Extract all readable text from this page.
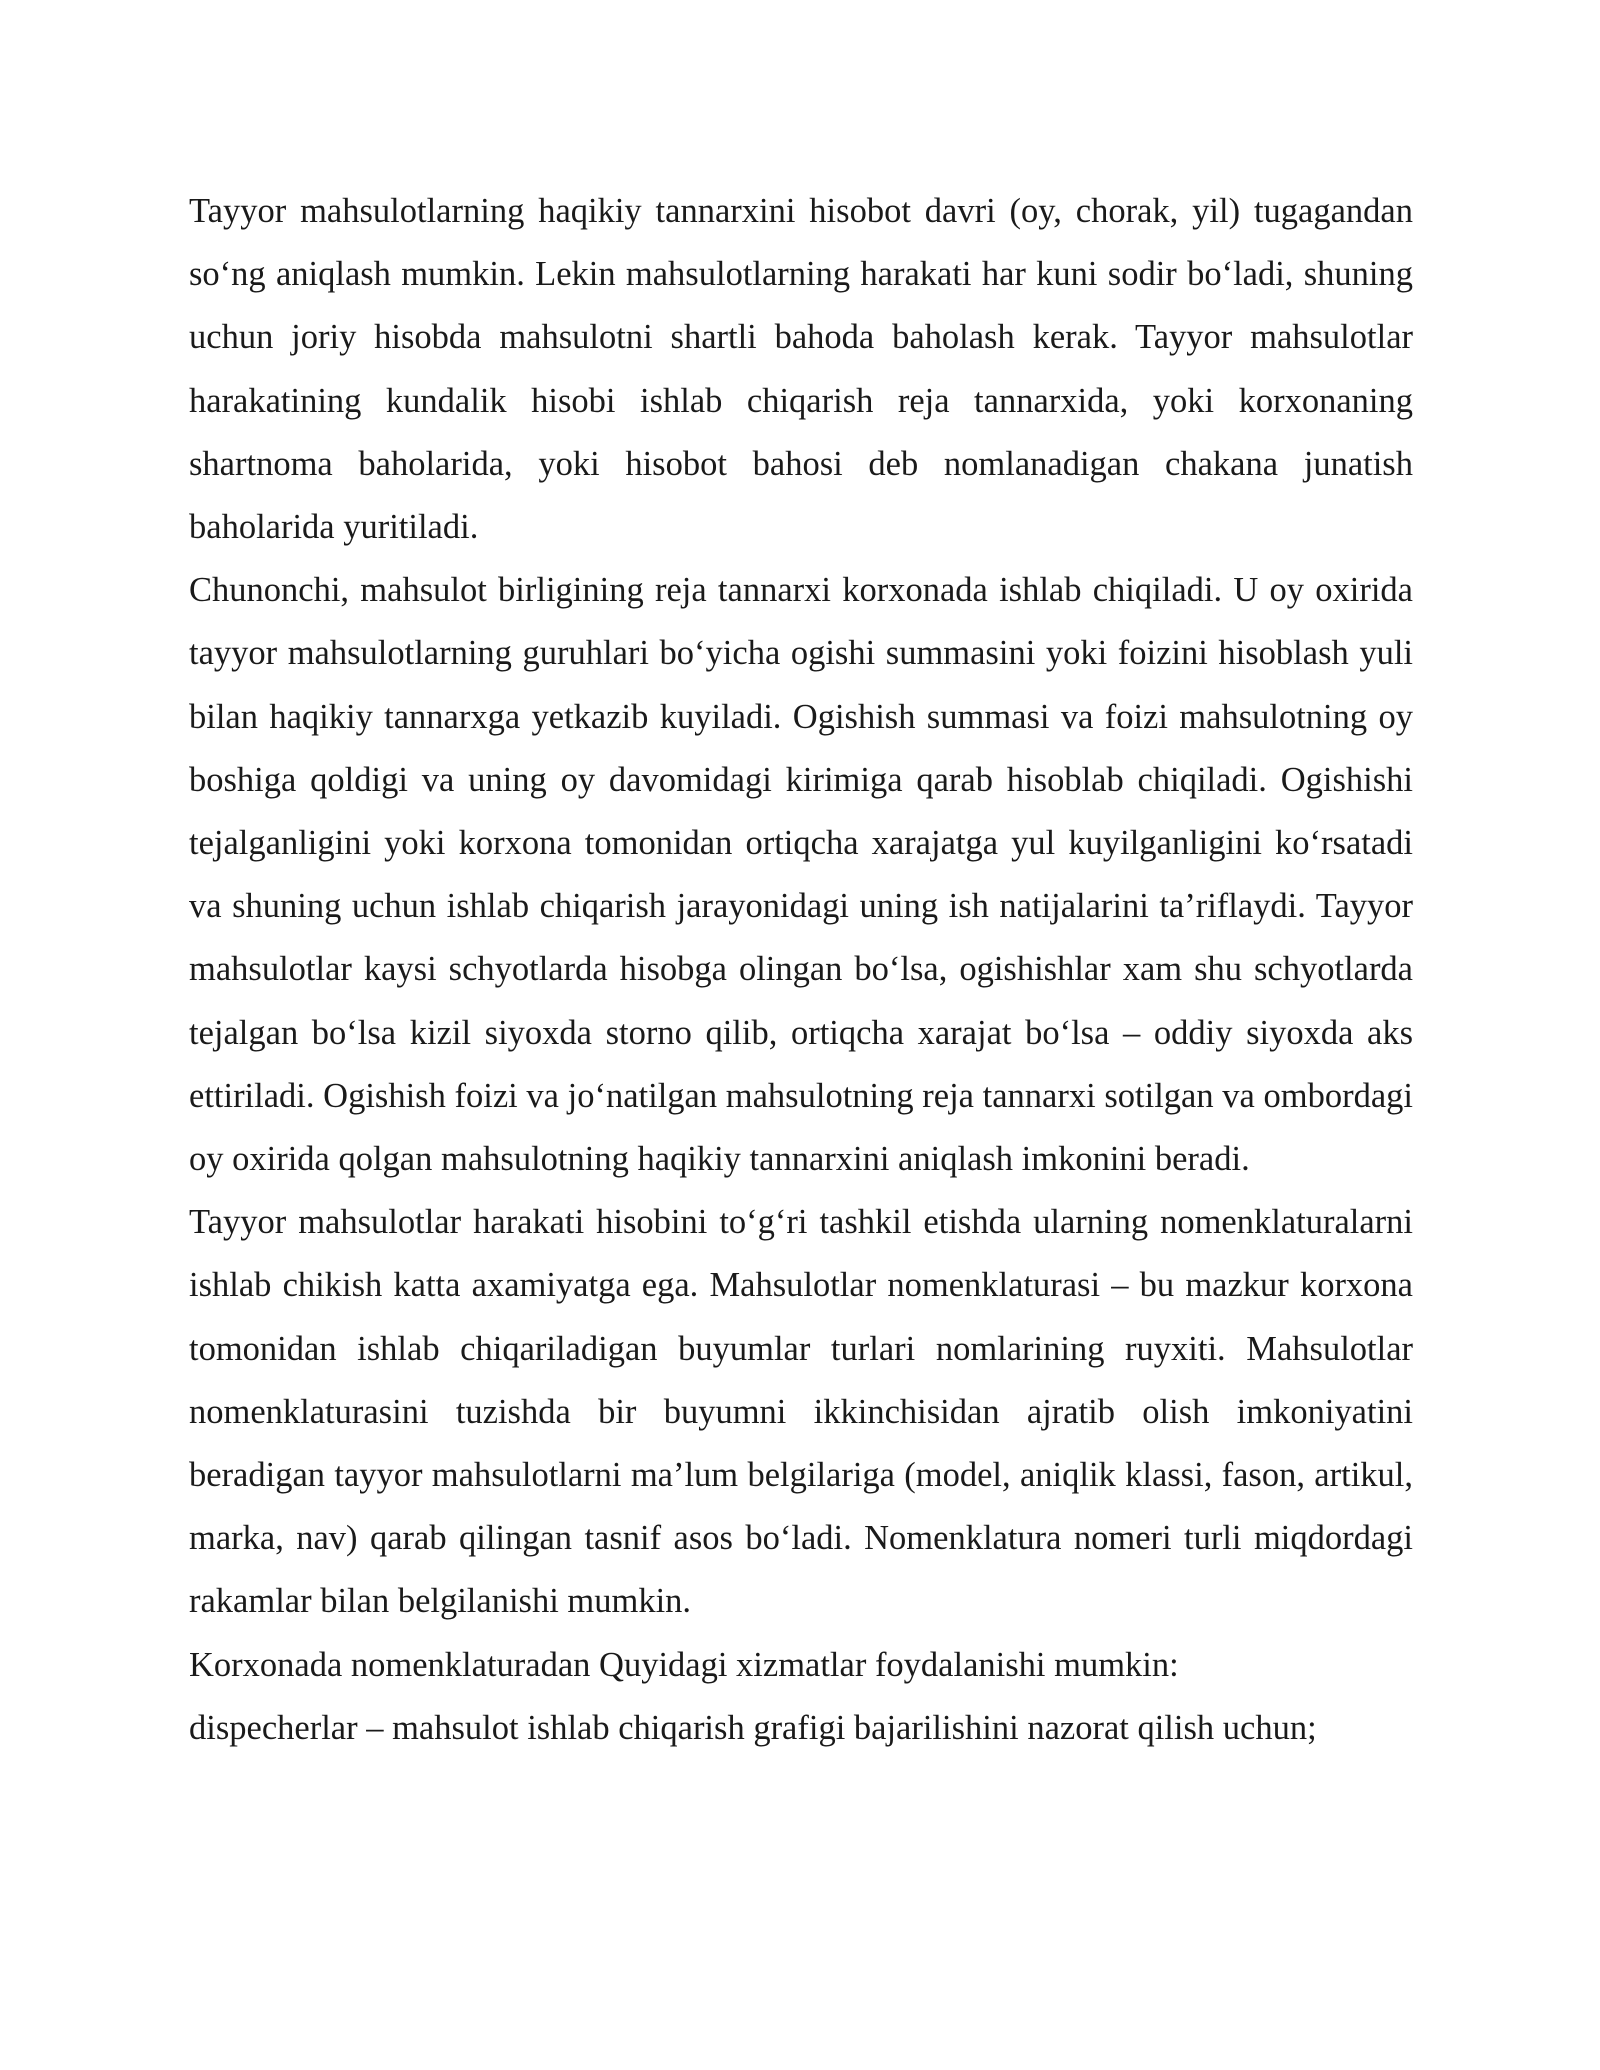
Tayyor mahsulotlarning haqikiy tannarxini hisobot davri (oy, chorak, yil) tugagandan so‘ng aniqlash mumkin. Lekin mahsulotlarning harakati har kuni sodir bo‘ladi, shuning uchun joriy hisobda mahsulotni shartli bahoda baholash kerak. Tayyor mahsulotlar harakatining kundalik hisobi ishlab chiqarish reja tannarxida, yoki korxonaning shartnoma baholarida, yoki hisobot bahosi deb nomlanadigan chakana junatish baholarida yuritiladi.

Chunonchi, mahsulot birligining reja tannarxi korxonada ishlab chiqiladi. U oy oxirida tayyor mahsulotlarning guruhlari bo‘yicha ogishi summasini yoki foizini hisoblash yuli bilan haqikiy tannarxga yetkazib kuyiladi. Ogishish summasi va foizi mahsulotning oy boshiga qoldigi va uning oy davomidagi kirimiga qarab hisoblab chiqiladi. Ogishishi tejalganligini yoki korxona tomonidan ortiqcha xarajatga yul kuyilganligini ko‘rsatadi va shuning uchun ishlab chiqarish jarayonidagi uning ish natijalarini ta’riflaydi. Tayyor mahsulotlar kaysi schyotlarda hisobga olingan bo‘lsa, ogishishlar xam shu schyotlarda tejalgan bo‘lsa kizil siyoxda storno qilib, ortiqcha xarajat bo‘lsa – oddiy siyoxda aks ettiriladi. Ogishish foizi va jo‘natilgan mahsulotning reja tannarxi sotilgan va ombordagi oy oxirida qolgan mahsulotning haqikiy tannarxini aniqlash imkonini beradi.

Tayyor mahsulotlar harakati hisobini to‘g‘ri tashkil etishda ularning nomenklaturalarni ishlab chikish katta axamiyatga ega. Mahsulotlar nomenklaturasi – bu mazkur korxona tomonidan ishlab chiqariladigan buyumlar turlari nomlarining ruyxiti. Mahsulotlar nomenklaturasini tuzishda bir buyumni ikkinchisidan ajratib olish imkoniyatini beradigan tayyor mahsulotlarni ma’lum belgilariga (model, aniqlik klassi, fason, artikul, marka, nav) qarab qilingan tasnif asos bo‘ladi. Nomenklatura nomeri turli miqdordagi rakamlar bilan belgilanishi mumkin.

Korxonada nomenklaturadan Quyidagi xizmatlar foydalanishi mumkin:

dispecherlar – mahsulot ishlab chiqarish grafigi bajarilishini nazorat qilish uchun;
